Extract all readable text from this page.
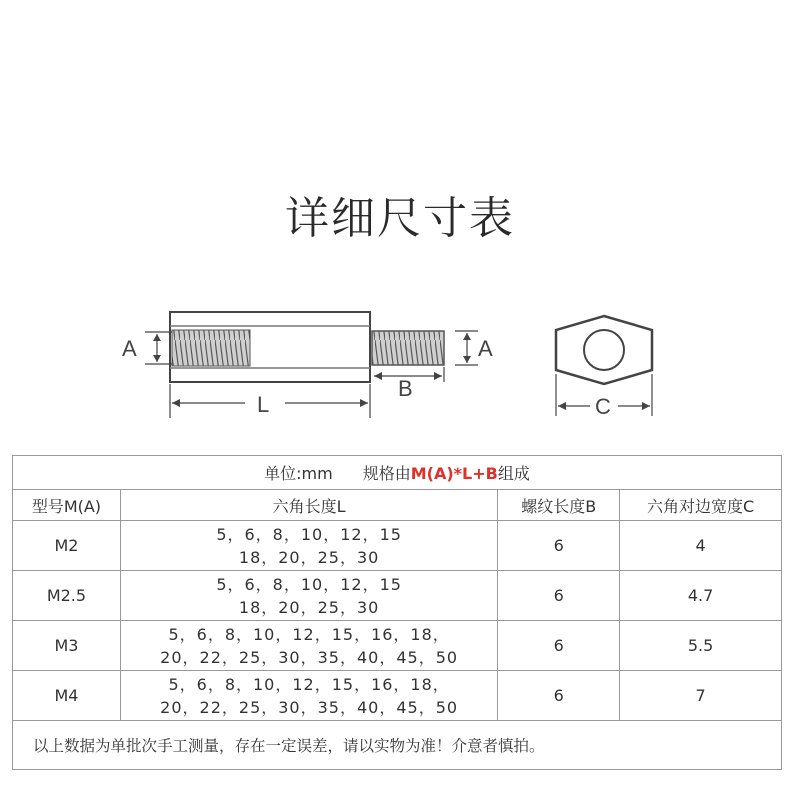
详细尺寸表
A	A
L
B
C
单位:mm 规格由M(A)*L+B组成			
型号M(A)	六角长度L	螺纹长度B	六角对边宽度C
M2	5，6，8，10，12，15
18，20，25，30	6	4
M2.5	5，6，8，10，12，15
18，20，25，30	6	4.7
M3	5，6，8，10，12，15，16，18，
20，22，25，30，35，40，45，50	6	5.5
M4	5，6，8，10，12，15，16，18，
20，22，25，30，35，40，45，50	6	7
以上数据为单批次手工测量，存在一定误差，请以实物为准！介意者慎拍。			
